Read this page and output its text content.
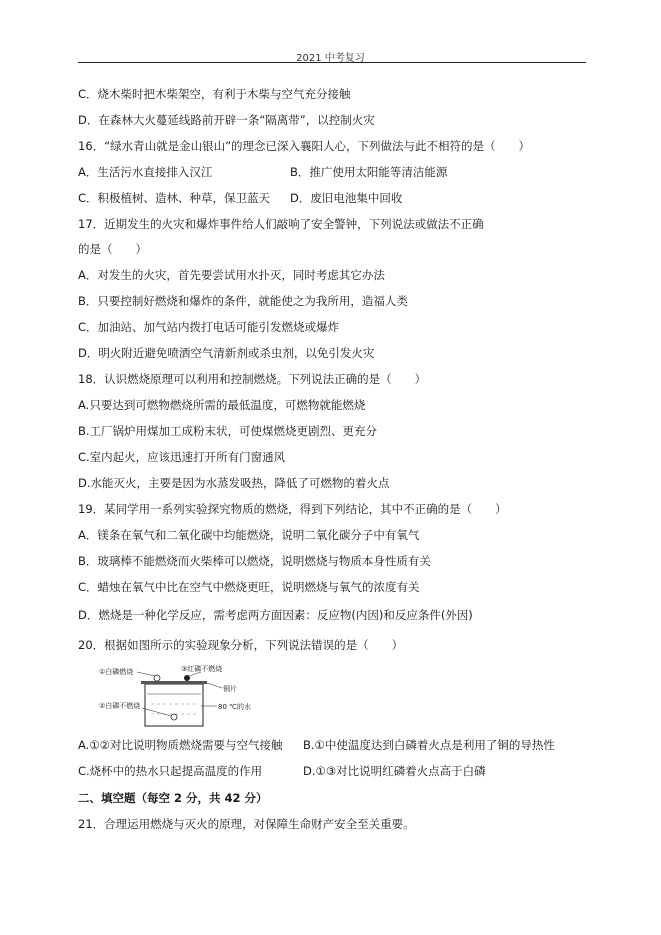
2021 中考复习
C．烧木柴时把木柴架空，有利于木柴与空气充分接触
D．在森林大火蔓延线路前开辟一条“隔离带”，以控制火灾
16．“绿水青山就是金山银山”的理念已深入襄阳人心，下列做法与此不相符的是（　　）
A．生活污水直接排入汉江	B．推广使用太阳能等清洁能源
C．积极植树、造林、种草，保卫蓝天 D．废旧电池集中回收
17．近期发生的火灾和爆炸事件给人们敲响了安全警钟，下列说法或做法不正确
的是（　　）
A．对发生的火灾，首先要尝试用水扑灭，同时考虑其它办法
B．只要控制好燃烧和爆炸的条件，就能使之为我所用，造福人类
C．加油站、加气站内拨打电话可能引发燃烧或爆炸
D．明火附近避免喷洒空气清新剂或杀虫剂，以免引发火灾
18．认识燃烧原理可以利用和控制燃烧。下列说法正确的是（　　）
A.只要达到可燃物燃烧所需的最低温度，可燃物就能燃烧
B.工厂锅炉用煤加工成粉末状，可使煤燃烧更剧烈、更充分
C.室内起火，应该迅速打开所有门窗通风
D.水能灭火，主要是因为水蒸发吸热，降低了可燃物的着火点
19．某同学用一系列实验探究物质的燃烧，得到下列结论，其中不正确的是（　　）
A．镁条在氧气和二氧化碳中均能燃烧，说明二氧化碳分子中有氧气
B．玻璃棒不能燃烧而火柴棒可以燃烧，说明燃烧与物质本身性质有关
C．蜡烛在氧气中比在空气中燃烧更旺，说明燃烧与氧气的浓度有关
D．燃烧是一种化学反应，需考虑两方面因素：反应物(内因)和反应条件(外因)
20．根据如图所示的实验现象分析，下列说法错误的是（　　）
①白磷燃烧	③红磷不燃烧
铜片
②白磷不燃烧	80 ℃的水
A.①②对比说明物质燃烧需要与空气接触 B.①中使温度达到白磷着火点是利用了铜的导热性
C.烧杯中的热水只起提高温度的作用	D.①③对比说明红磷着火点高于白磷
二、填空题（每空 2 分，共 42 分）
21．合理运用燃烧与灭火的原理，对保障生命财产安全至关重要。
